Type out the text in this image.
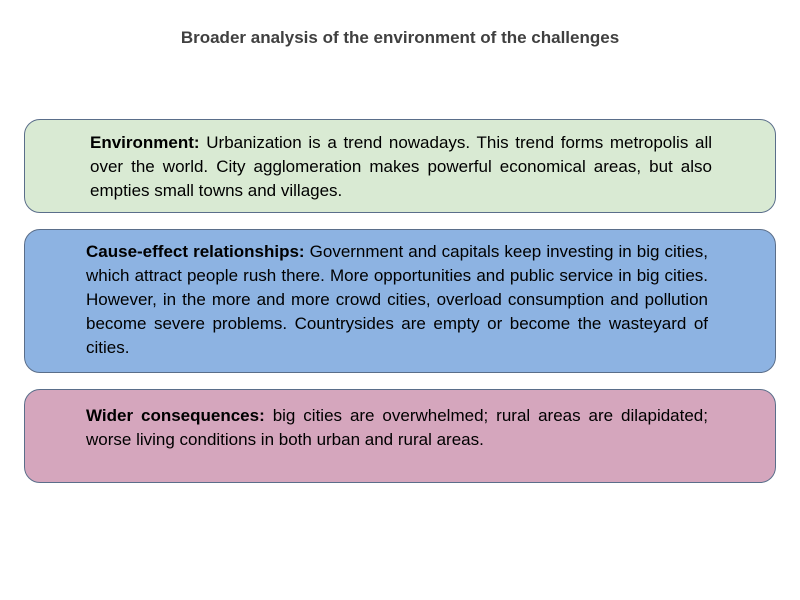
Broader analysis of the environment of the challenges
Environment: Urbanization is a trend nowadays. This trend forms metropolis all over the world. City agglomeration makes powerful economical areas, but also empties small towns and villages.
Cause-effect relationships: Government and capitals keep investing in big cities, which attract people rush there. More opportunities and public service in big cities. However, in the more and more crowd cities, overload consumption and pollution become severe problems. Countrysides are empty or become the wasteyard of cities.
Wider consequences: big cities are overwhelmed; rural areas are dilapidated; worse living conditions in both urban and rural areas.
